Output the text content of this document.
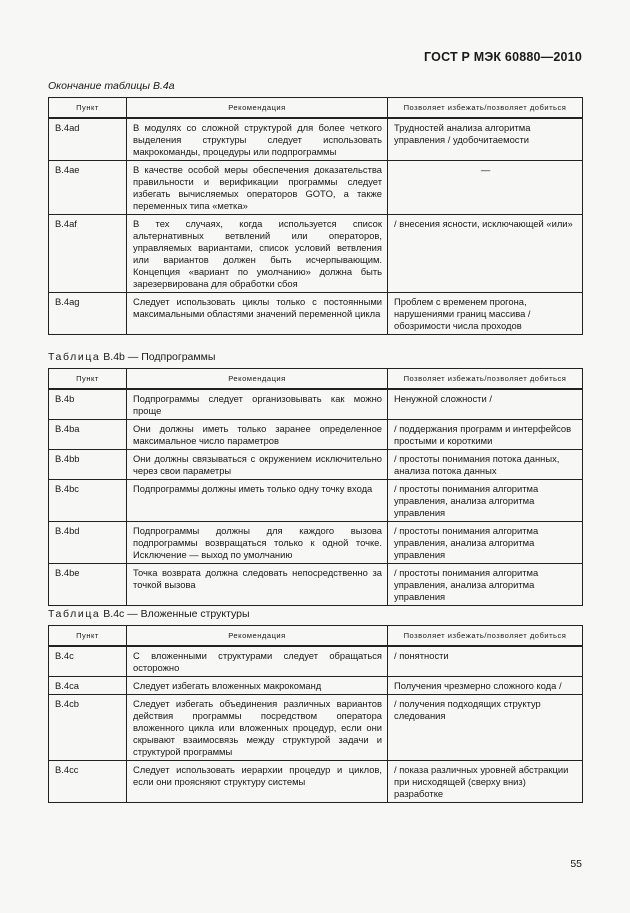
ГОСТ Р МЭК 60880—2010
Окончание таблицы В.4а
Пункт	Рекомендация	Позволяет избежать/позволяет добиться
В.4ad	В модулях со сложной структурой для более четкого выделения структуры следует использовать макрокоманды, процедуры или подпрограммы	Трудностей анализа алгоритма управления / удобочитаемости
В.4ae	В качестве особой меры обеспечения доказательства правильности и верификации программы следует избегать вычисляемых операторов GOTO, а также переменных типа «метка»	—
В.4af	В тех случаях, когда используется список альтернативных ветвлений или операторов, управляемых вариантами, список условий ветвления или вариантов должен быть исчерпывающим. Концепция «вариант по умолчанию» должна быть зарезервирована для обработки сбоя	/ внесения ясности, исключающей «или»
В.4ag	Следует использовать циклы только с постоянными максимальными областями значений переменной цикла	Проблем с временем прогона, нарушениями границ массива / обозримости числа проходов
Таблица В.4b — Подпрограммы
Пункт	Рекомендация	Позволяет избежать/позволяет добиться
В.4b	Подпрограммы следует организовывать как можно проще	Ненужной сложности /
В.4ba	Они должны иметь только заранее определенное максимальное число параметров	/ поддержания программ и интерфейсов простыми и короткими
В.4bb	Они должны связываться с окружением исключительно через свои параметры	/ простоты понимания потока данных, анализа потока данных
В.4bc	Подпрограммы должны иметь только одну точку входа	/ простоты понимания алгоритма управления, анализа алгоритма управления
В.4bd	Подпрограммы должны для каждого вызова подпрограммы возвращаться только к одной точке. Исключение — выход по умолчанию	/ простоты понимания алгоритма управления, анализа алгоритма управления
В.4be	Точка возврата должна следовать непосредственно за точкой вызова	/ простоты понимания алгоритма управления, анализа алгоритма управления
Таблица В.4с — Вложенные структуры
Пункт	Рекомендация	Позволяет избежать/позволяет добиться
В.4с	С вложенными структурами следует обращаться осторожно	/ понятности
В.4са	Следует избегать вложенных макрокоманд	Получения чрезмерно сложного кода /
В.4сb	Следует избегать объединения различных вариантов действия программы посредством оператора вложенного цикла или вложенных процедур, если они скрывают взаимосвязь между структурой задачи и структурой программы	/ получения подходящих структур следования
В.4сс	Следует использовать иерархии процедур и циклов, если они проясняют структуру системы	/ показа различных уровней абстракции при нисходящей (сверху вниз) разработке
55
